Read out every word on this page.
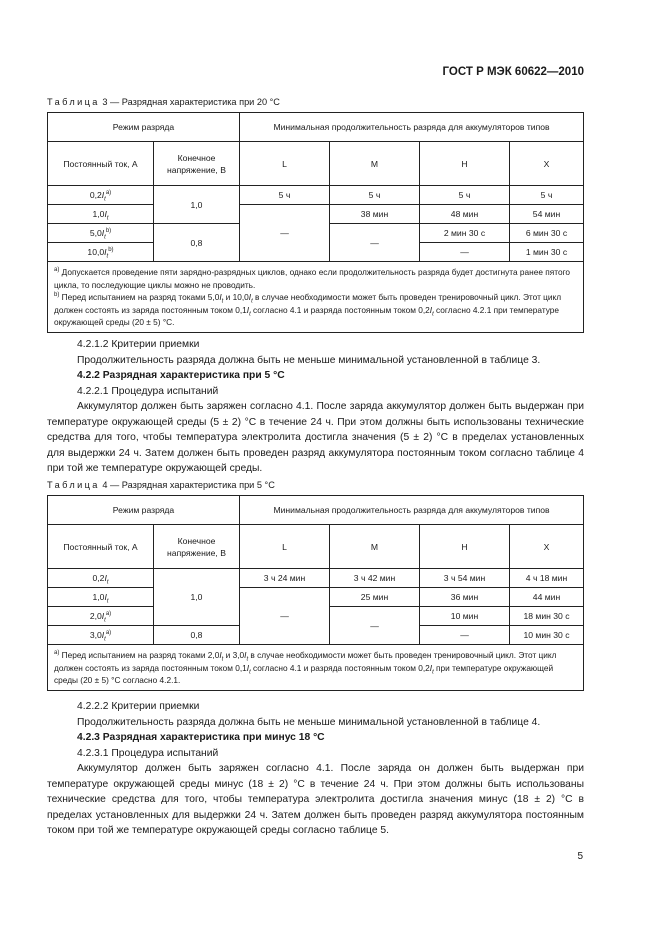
ГОСТ Р МЭК 60622—2010
Таблица 3 — Разрядная характеристика при 20 °С
Режим разряда		Минимальная продолжительность разряда для аккумуляторов типов			
Постоянный ток, А	Конечное напряжение, В	L	M	H	X
$0,2I_t^{a)}$	1,0	5 ч	5 ч	5 ч	5 ч
$1,0I_t$		—	38 мин	48 мин	54 мин
$5,0I_t^{b)}$	0,8		—	2 мин 30 с	6 мин 30 с
$10,0I_t^{b)}$				—	1 мин 30 с

$^{a)}$ Допускается проведение пяти зарядно-разрядных циклов, однако если продолжительность разряда будет достигнута ранее пятого цикла, то последующие циклы можно не проводить.
$^{b)}$ Перед испытанием на разряд токами $5,0I_t$ и $10,0I_t$ в случае необходимости может быть проведен тренировочный цикл. Этот цикл должен состоять из заряда постоянным током $0,1I_t$ согласно 4.1 и разряда постоянным током $0,2I_t$ согласно 4.2.1 при температуре окружающей среды (20 ± 5) °С.					

4.2.1.2 Критерии приемки

Продолжительность разряда должна быть не меньше минимальной установленной в таблице 3.

4.2.2 Разрядная характеристика при 5 °С

4.2.2.1 Процедура испытаний

Аккумулятор должен быть заряжен согласно 4.1. После заряда аккумулятор должен быть выдержан при температуре окружающей среды (5 ± 2) °С в течение 24 ч. При этом должны быть использованы технические средства для того, чтобы температура электролита достигла значения (5 ± 2) °С в пределах установленных для выдержки 24 ч. Затем должен быть проведен разряд аккумулятора постоянным током согласно таблице 4 при той же температуре окружающей среды.

Таблица 4 — Разрядная характеристика при 5 °С
Режим разряда		Минимальная продолжительность разряда для аккумуляторов типов			
Постоянный ток, А	Конечное напряжение, В	L	M	H	X
$0,2I_t$	1,0	3 ч 24 мин	3 ч 42 мин	3 ч 54 мин	4 ч 18 мин
$1,0I_t$		—	25 мин	36 мин	44 мин
$2,0I_t^{a)}$			—	10 мин	18 мин 30 с
$3,0I_t^{a)}$	0,8			—	10 мин 30 с

$^{a)}$ Перед испытанием на разряд токами $2,0I_t$ и $3,0I_t$ в случае необходимости может быть проведен тренировочный цикл. Этот цикл должен состоять из заряда постоянным током $0,1I_t$ согласно 4.1 и разряда постоянным током $0,2I_t$ при температуре окружающей среды (20 ± 5) °С согласно 4.2.1.					

4.2.2.2 Критерии приемки

Продолжительность разряда должна быть не меньше минимальной установленной в таблице 4.

4.2.3 Разрядная характеристика при минус 18 °С

4.2.3.1 Процедура испытаний

Аккумулятор должен быть заряжен согласно 4.1. После заряда он должен быть выдержан при температуре окружающей среды минус (18 ± 2) °С в течение 24 ч. При этом должны быть использованы технические средства для того, чтобы температура электролита достигла значения минус (18 ± 2) °С в пределах установленных для выдержки 24 ч. Затем должен быть проведен разряд аккумулятора постоянным током при той же температуре окружающей среды согласно таблице 5.

5
